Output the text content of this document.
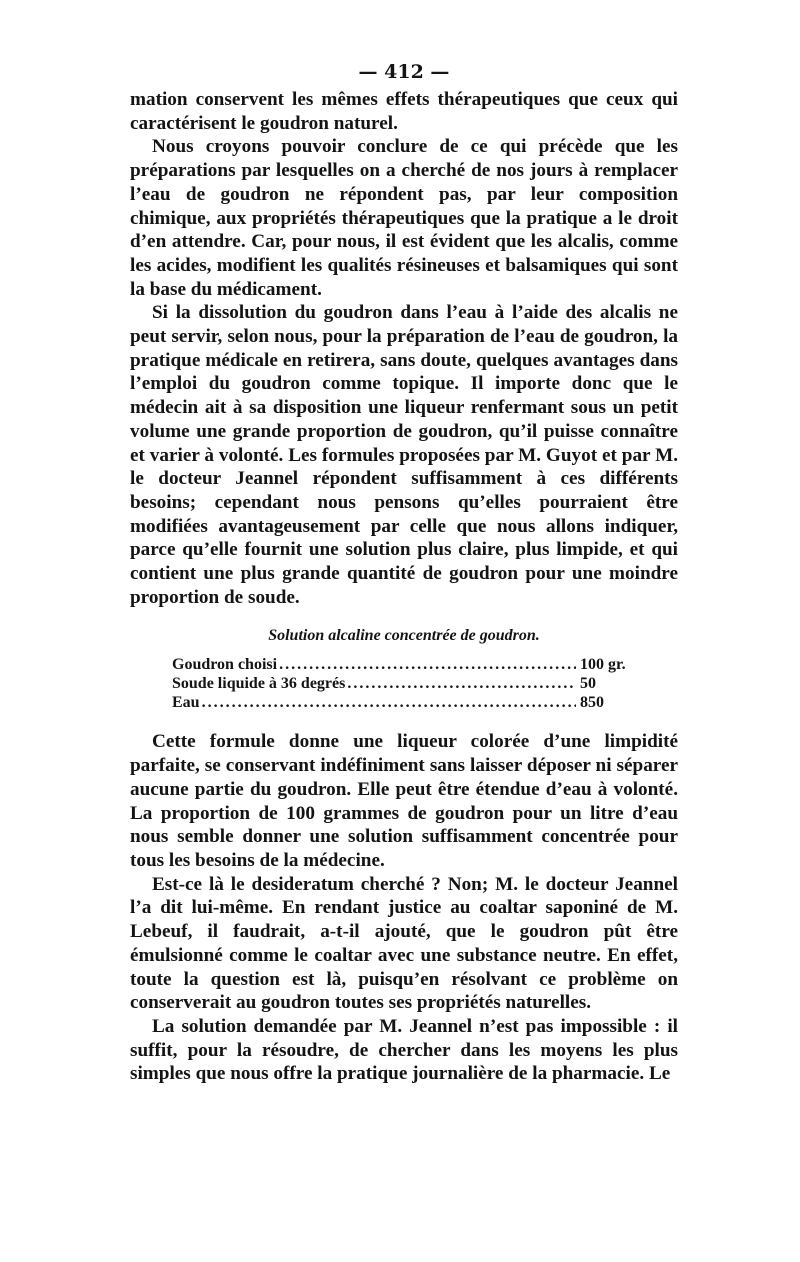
— 412 —

mation conservent les mêmes effets thérapeutiques que ceux qui caractérisent le goudron naturel.

Nous croyons pouvoir conclure de ce qui précède que les préparations par lesquelles on a cherché de nos jours à remplacer l’eau de goudron ne répondent pas, par leur composition chimique, aux propriétés thérapeutiques que la pratique a le droit d’en attendre. Car, pour nous, il est évident que les alcalis, comme les acides, modifient les qualités résineuses et balsamiques qui sont la base du médicament.

Si la dissolution du goudron dans l’eau à l’aide des alcalis ne peut servir, selon nous, pour la préparation de l’eau de goudron, la pratique médicale en retirera, sans doute, quelques avantages dans l’emploi du goudron comme topique. Il importe donc que le médecin ait à sa disposition une liqueur renfermant sous un petit volume une grande proportion de goudron, qu’il puisse connaître et varier à volonté. Les formules proposées par M. Guyot et par M. le docteur Jeannel répondent suffisamment à ces différents besoins; cependant nous pensons qu’elles pourraient être modifiées avantageusement par celle que nous allons indiquer, parce qu’elle fournit une solution plus claire, plus limpide, et qui contient une plus grande quantité de goudron pour une moindre proportion de soude.

Solution alcaline concentrée de goudron.
Goudron choisi .....	100 gr.
Soude liquide à 36 degrés .....	50
Eau .....	850

Cette formule donne une liqueur colorée d’une limpidité parfaite, se conservant indéfiniment sans laisser déposer ni séparer aucune partie du goudron. Elle peut être étendue d’eau à volonté. La proportion de 100 grammes de goudron pour un litre d’eau nous semble donner une solution suffisamment concentrée pour tous les besoins de la médecine.

Est-ce là le desideratum cherché ? Non; M. le docteur Jeannel l’a dit lui-même. En rendant justice au coaltar saponiné de M. Lebeuf, il faudrait, a-t-il ajouté, que le goudron pût être émulsionné comme le coaltar avec une substance neutre. En effet, toute la question est là, puisqu’en résolvant ce problème on conserverait au goudron toutes ses propriétés naturelles.

La solution demandée par M. Jeannel n’est pas impossible : il suffit, pour la résoudre, de chercher dans les moyens les plus simples que nous offre la pratique journalière de la pharmacie. Le
